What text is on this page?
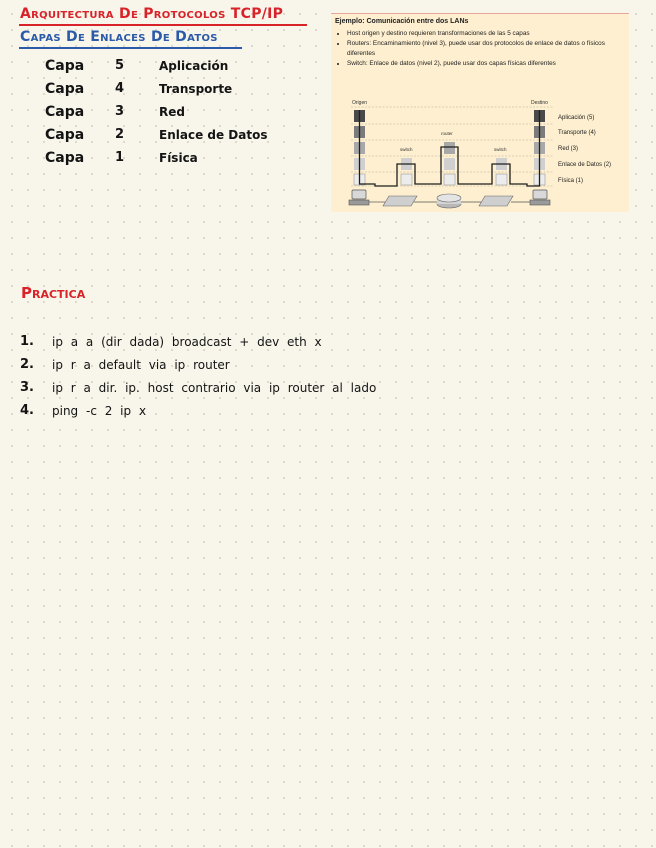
Arquitectura De Protocolos TCP/IP
Capas De Enlaces De Datos
Capa	5	Aplicación
Capa	4	Transporte
Capa	3	Red
Capa	2	Enlace de Datos
Capa	1	Física
Ejemplo: Comunicación entre dos LANs
• Host origen y destino requieren transformaciones de las 5 capas
• Routers: Encaminamiento (nivel 3), puede usar dos protocolos de enlace de datos o físicos diferentes
• Switch: Enlace de datos (nivel 2), puede usar dos capas físicas diferentes
Origen	Destino
router
switch	switch
Aplicación (5)
Transporte (4)
Red (3)
Enlace de Datos (2)
Física (1)
Practica
1.	ip a a (dir dada) broadcast + dev eth x
2.	ip r a default via ip router
3.	ip r a dir. ip. host contrario via ip router al lado
4.	ping -c 2 ip x
